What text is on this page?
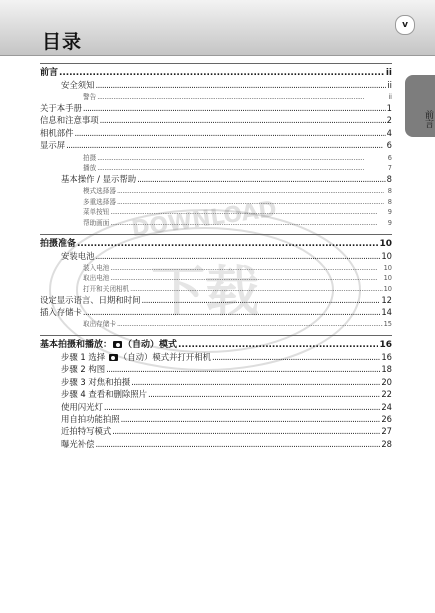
目录
v
前言
DOWNLOAD
下载
前言 . . .	ii
安全须知 . . .	ii
警告 . . .	ii
关于本手册 . . .	1
信息和注意事项 . . .	2
相机部件 . . .	4
显示屏 . . .	6
拍摄 . . .	6
播放 . . .	7
基本操作 / 显示帮助 . . .	8
模式选择器 . . .	8
多重选择器 . . .	8
菜单按钮 . . .	9
帮助画面 . . .	9
拍摄准备 . . .	10
安装电池 . . .	10
装入电池 . . .	10
取出电池 . . .	10
打开和关闭相机 . . .	10
设定显示语言、日期和时间 . . .	12
插入存储卡 . . .	14
取出存储卡 . . .	15
基本拍摄和播放： （自动）模式 . . .	16
步骤 1 选择 （自动）模式并打开相机 . . .	16
步骤 2 构图 . . .	18
步骤 3 对焦和拍摄 . . .	20
步骤 4 查看和删除照片 . . .	22
使用闪光灯 . . .	24
用自拍功能拍照 . . .	26
近拍特写模式 . . .	27
曝光补偿 . . .	28
